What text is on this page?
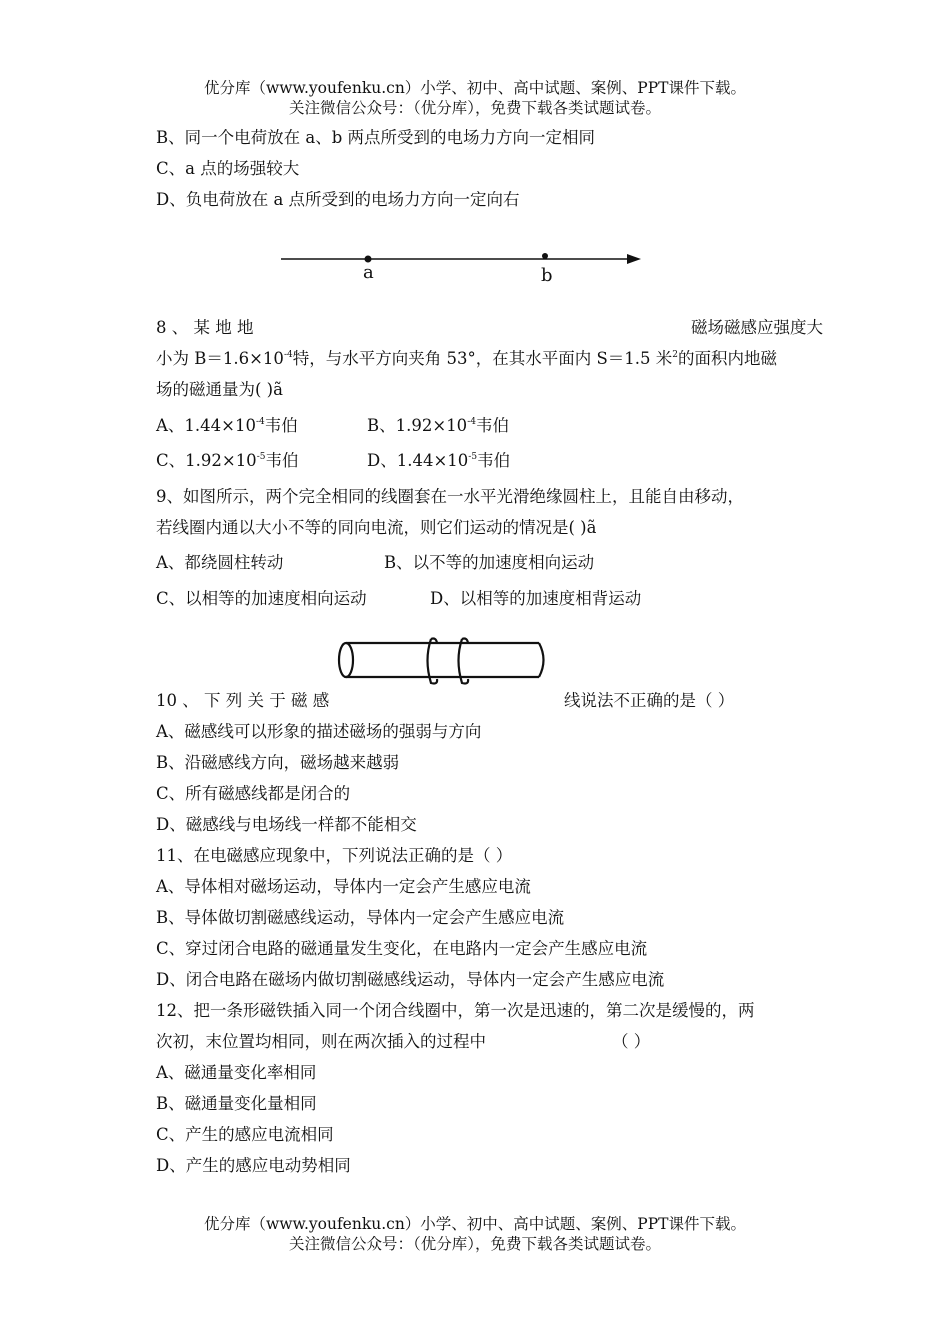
优分库（www.youfenku.cn）小学、初中、高中试题、案例、PPT课件下载。
关注微信公众号：（优分库），免费下载各类试题试卷。
B、同一个电荷放在 a、b 两点所受到的电场力方向一定相同
C、a 点的场强较大
D、负电荷放在 a 点所受到的电场力方向一定向右
a	b
8 、 某 地 地	磁场磁感应强度大
小为 $B=1.6\times 10^{-4}$特，与水平方向夹角 53°，在其水平面内 S＝1.5 米$^2$的面积内地磁
场的磁通量为( )ã
A、$1.44\times 10^{-4}$韦伯	B、$1.92\times 10^{-4}$韦伯
C、$1.92\times 10^{-5}$韦伯	D、$1.44\times 10^{-5}$韦伯
9、如图所示，两个完全相同的线圈套在一水平光滑绝缘圆柱上，且能自由移动，
若线圈内通以大小不等的同向电流，则它们运动的情况是( )ã
A、都绕圆柱转动	B、以不等的加速度相向运动
C、以相等的加速度相向运动	D、以相等的加速度相背运动
10 、 下 列 关 于 磁 感	线说法不正确的是（ ）
A、磁感线可以形象的描述磁场的强弱与方向
B、沿磁感线方向，磁场越来越弱
C、所有磁感线都是闭合的
D、磁感线与电场线一样都不能相交
11、在电磁感应现象中，下列说法正确的是（ ）
A、导体相对磁场运动，导体内一定会产生感应电流
B、导体做切割磁感线运动，导体内一定会产生感应电流
C、穿过闭合电路的磁通量发生变化，在电路内一定会产生感应电流
D、闭合电路在磁场内做切割磁感线运动，导体内一定会产生感应电流
12、把一条形磁铁插入同一个闭合线圈中，第一次是迅速的，第二次是缓慢的，两
次初，末位置均相同，则在两次插入的过程中	（ ）
A、磁通量变化率相同
B、磁通量变化量相同
C、产生的感应电流相同
D、产生的感应电动势相同
优分库（www.youfenku.cn）小学、初中、高中试题、案例、PPT课件下载。
关注微信公众号：（优分库），免费下载各类试题试卷。
